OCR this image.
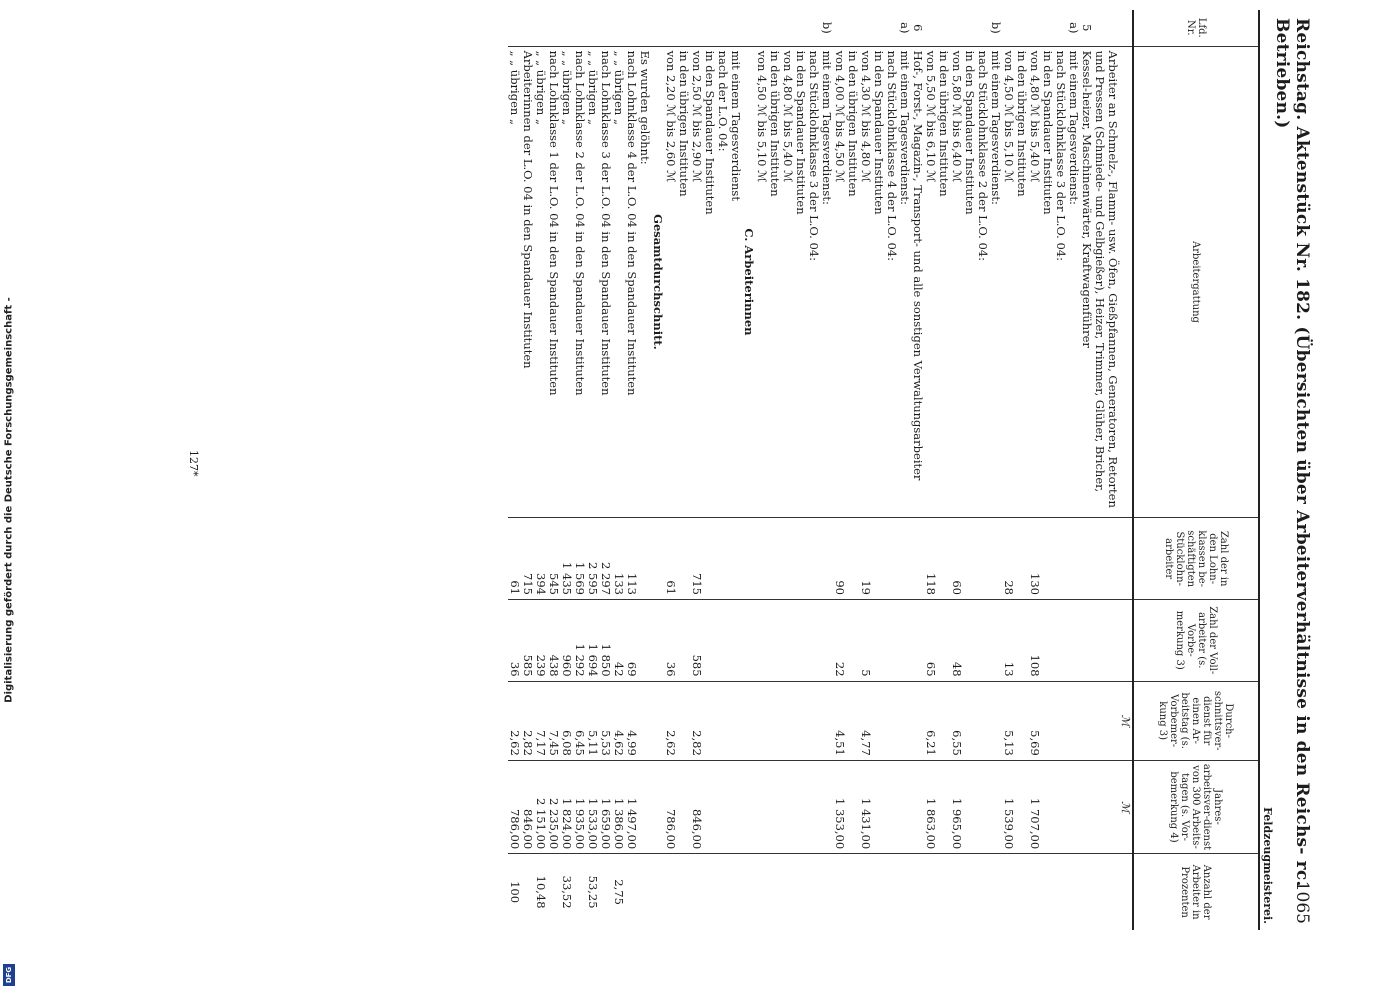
Digitalisierung gefördert durch die Deutsche Forschungsgemeinschaft -
DFG
Reichstag. Aktenstück Nr. 182. (Übersichten über Arbeiterverhältnisse in den Reichs- rc. Betrieben.)
1065
Feldzeugmeisterei.
Lfd. Nr.	Arbeitergattung	Zahl der in den Lohn-klassen be-schäftigten Stücklohn-arbeiter	Zahl der Voll-arbeiter (s. Vorbe-merkung 3)	Durch-schnittsver-dienst für einen Ar-beitstag (s. Vorbemer-kung 3)	Jahres-arbeitsver-dienst von 300 Arbeits-tagen (s. Vor-bemerkung 4)	Anzahl der Arbeiter in Prozenten
				ℳ	ℳ	
5	Arbeiter an Schmelz-, Flamm- usw. Öfen, Gießpfannen, Generatoren, Retorten und Pressen (Schmiede- und Gelbgießer), Heizer, Trimmer, Glüher, Bricher, Kessel-heizer, Maschinenwärter, Kraftwagenführer					
a)	mit einem Tagesverdienst:					
	nach Stücklohnklasse 3 der L.O. 04:					
	in den Spandauer Instituten					
	von 4,80 ℳ bis 5,40 ℳ	130	108	5,69	1 707,00	
	in den übrigen Instituten					
	von 4,50 ℳ bis 5,10 ℳ	28	13	5,13	1 539,00	
b)	mit einem Tagesverdienst:					
	nach Stücklohnklasse 2 der L.O. 04:					
	in den Spandauer Instituten					
	von 5,80 ℳ bis 6,40 ℳ	60	48	6,55	1 965,00	
	in den übrigen Instituten					
	von 5,50 ℳ bis 6,10 ℳ	118	65	6,21	1 863,00	
6	Hof-, Forst-, Magazin-, Transport- und alle sonstigen Verwaltungsarbeiter					
a)	mit einem Tagesverdienst:					
	nach Stücklohnklasse 4 der L.O. 04:					
	in den Spandauer Instituten					
	von 4,30 ℳ bis 4,80 ℳ	19	5	4,77	1 431,00	
	in den übrigen Instituten					
	von 4,00 ℳ bis 4,50 ℳ	90	22	4,51	1 353,00	
b)	mit einem Tagesverdienst:					
	nach Stücklohnklasse 3 der L.O. 04:					
	in den Spandauer Instituten					
	von 4,80 ℳ bis 5,40 ℳ					
	in den übrigen Instituten					
	von 4,50 ℳ bis 5,10 ℳ					
	C. Arbeiterinnen					
	mit einem Tagesverdienst					
	nach der L.O. 04:					
	in den Spandauer Instituten					
	von 2,50 ℳ bis 2,90 ℳ	715	585	2,82	846,00	
	in den übrigen Instituten					
	von 2,20 ℳ bis 2,60 ℳ	61	36	2,62	786,00	
	Gesamtdurchschnitt.					
	Es wurden gelöhnt:					
	nach Lohnklasse 4 der L.O. 04 in den Spandauer Instituten	113	69	4,99	1 497,00	
	„ „ übrigen „	133	42	4,62	1 386,00	2,75
	nach Lohnklasse 3 der L.O. 04 in den Spandauer Instituten	2 297	1 850	5,53	1 659,00	
	„ „ übrigen „	2 595	1 694	5,11	1 533,00	53,25
	nach Lohnklasse 2 der L.O. 04 in den Spandauer Instituten	1 569	1 292	6,45	1 935,00	
	„ „ übrigen „	1 435	960	6,08	1 824,00	33,52
	nach Lohnklasse 1 der L.O. 04 in den Spandauer Instituten	545	438	7,45	2 235,00	
	„ „ übrigen „	394	239	7,17	2 151,00	10,48
	Arbeiterinnen der L.O. 04 in den Spandauer Instituten	715	585	2,82	846,00	
	„ „ übrigen „	61	36	2,62	786,00	100
127*
